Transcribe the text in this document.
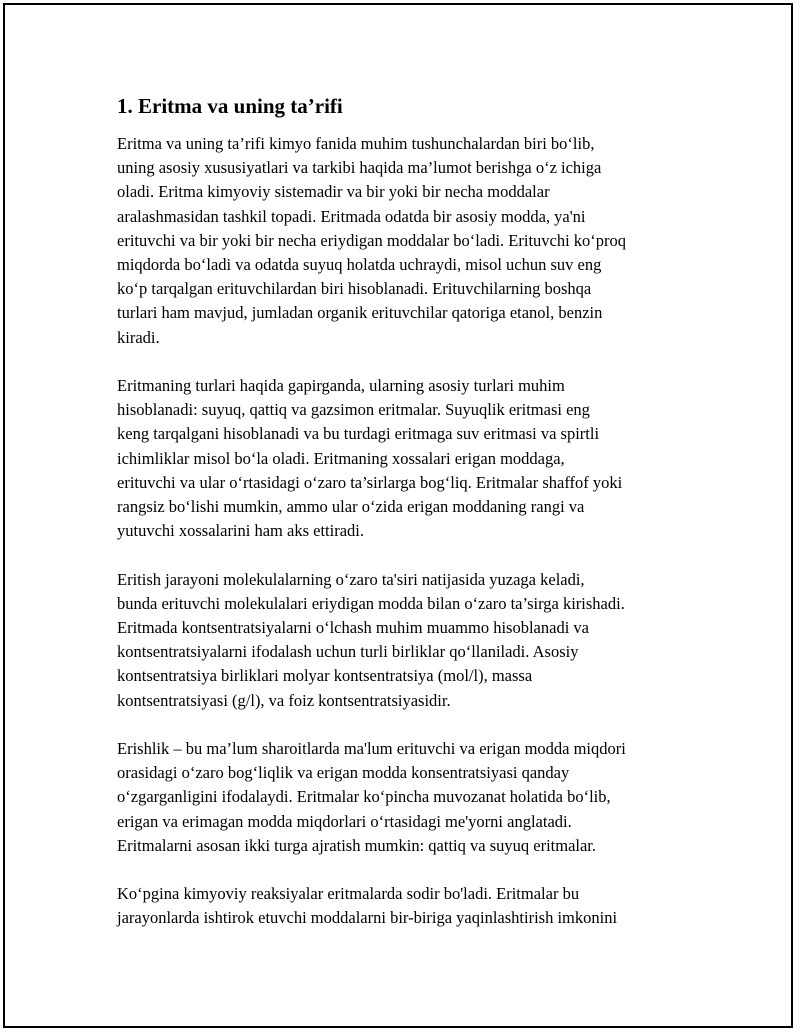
1. Eritma va uning ta’rifi
Eritma va uning ta’rifi kimyo fanida muhim tushunchalardan biri bo‘lib,
uning asosiy xususiyatlari va tarkibi haqida ma’lumot berishga o‘z ichiga
oladi. Eritma kimyoviy sistemadir va bir yoki bir necha moddalar
aralashmasidan tashkil topadi. Eritmada odatda bir asosiy modda, ya'ni
erituvchi va bir yoki bir necha eriydigan moddalar bo‘ladi. Erituvchi ko‘proq
miqdorda bo‘ladi va odatda suyuq holatda uchraydi, misol uchun suv eng
ko‘p tarqalgan erituvchilardan biri hisoblanadi. Erituvchilarning boshqa
turlari ham mavjud, jumladan organik erituvchilar qatoriga etanol, benzin
kiradi.
Eritmaning turlari haqida gapirganda, ularning asosiy turlari muhim
hisoblanadi: suyuq, qattiq va gazsimon eritmalar. Suyuqlik eritmasi eng
keng tarqalgani hisoblanadi va bu turdagi eritmaga suv eritmasi va spirtli
ichimliklar misol bo‘la oladi. Eritmaning xossalari erigan moddaga,
erituvchi va ular o‘rtasidagi o‘zaro ta’sirlarga bog‘liq. Eritmalar shaffof yoki
rangsiz bo‘lishi mumkin, ammo ular o‘zida erigan moddaning rangi va
yutuvchi xossalarini ham aks ettiradi.
Eritish jarayoni molekulalarning o‘zaro ta'siri natijasida yuzaga keladi,
bunda erituvchi molekulalari eriydigan modda bilan o‘zaro ta’sirga kirishadi.
Eritmada kontsentratsiyalarni o‘lchash muhim muammo hisoblanadi va
kontsentratsiyalarni ifodalash uchun turli birliklar qo‘llaniladi. Asosiy
kontsentratsiya birliklari molyar kontsentratsiya (mol/l), massa
kontsentratsiyasi (g/l), va foiz kontsentratsiyasidir.
Erishlik – bu ma’lum sharoitlarda ma'lum erituvchi va erigan modda miqdori
orasidagi o‘zaro bog‘liqlik va erigan modda konsentratsiyasi qanday
o‘zgarganligini ifodalaydi. Eritmalar ko‘pincha muvozanat holatida bo‘lib,
erigan va erimagan modda miqdorlari o‘rtasidagi me'yorni anglatadi.
Eritmalarni asosan ikki turga ajratish mumkin: qattiq va suyuq eritmalar.
Ko‘pgina kimyoviy reaksiyalar eritmalarda sodir bo'ladi. Eritmalar bu
jarayonlarda ishtirok etuvchi moddalarni bir-biriga yaqinlashtirish imkonini
